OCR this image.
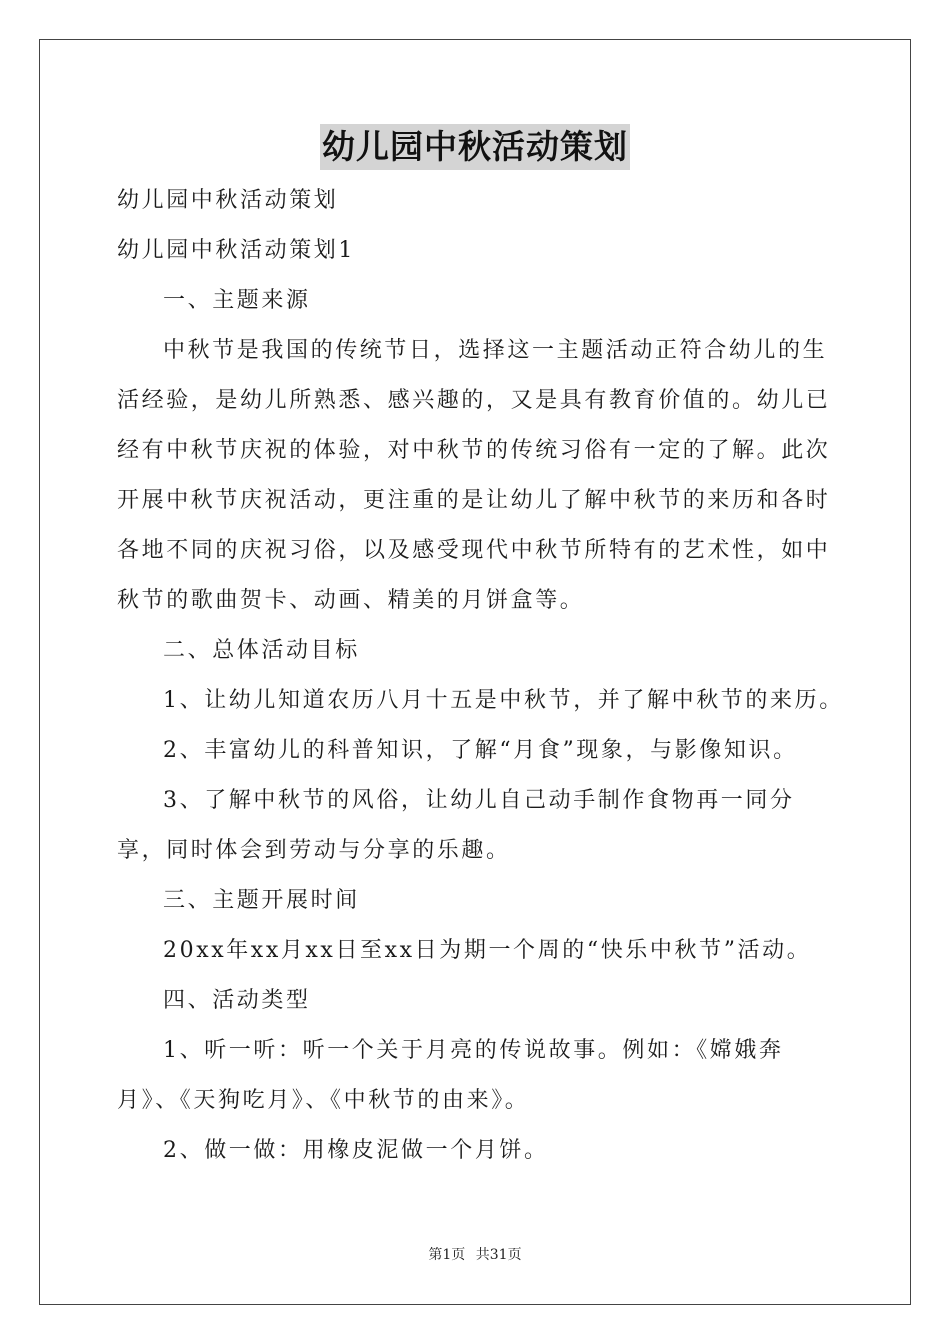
幼儿园中秋活动策划

幼儿园中秋活动策划

幼儿园中秋活动策划1

一、主题来源

中秋节是我国的传统节日，选择这一主题活动正符合幼儿的生活经验，是幼儿所熟悉、感兴趣的，又是具有教育价值的。幼儿已经有中秋节庆祝的体验，对中秋节的传统习俗有一定的了解。此次开展中秋节庆祝活动，更注重的是让幼儿了解中秋节的来历和各时各地不同的庆祝习俗，以及感受现代中秋节所特有的艺术性，如中秋节的歌曲贺卡、动画、精美的月饼盒等。

二、总体活动目标

1、让幼儿知道农历八月十五是中秋节，并了解中秋节的来历。

2、丰富幼儿的科普知识，了解“月食”现象，与影像知识。

3、了解中秋节的风俗，让幼儿自己动手制作食物再一同分享，同时体会到劳动与分享的乐趣。

三、主题开展时间

20xx年xx月xx日至xx日为期一个周的“快乐中秋节”活动。

四、活动类型

1、听一听：听一个关于月亮的传说故事。例如：《嫦娥奔月》、《天狗吃月》、《中秋节的由来》。

2、做一做：用橡皮泥做一个月饼。

第1页 共31页
